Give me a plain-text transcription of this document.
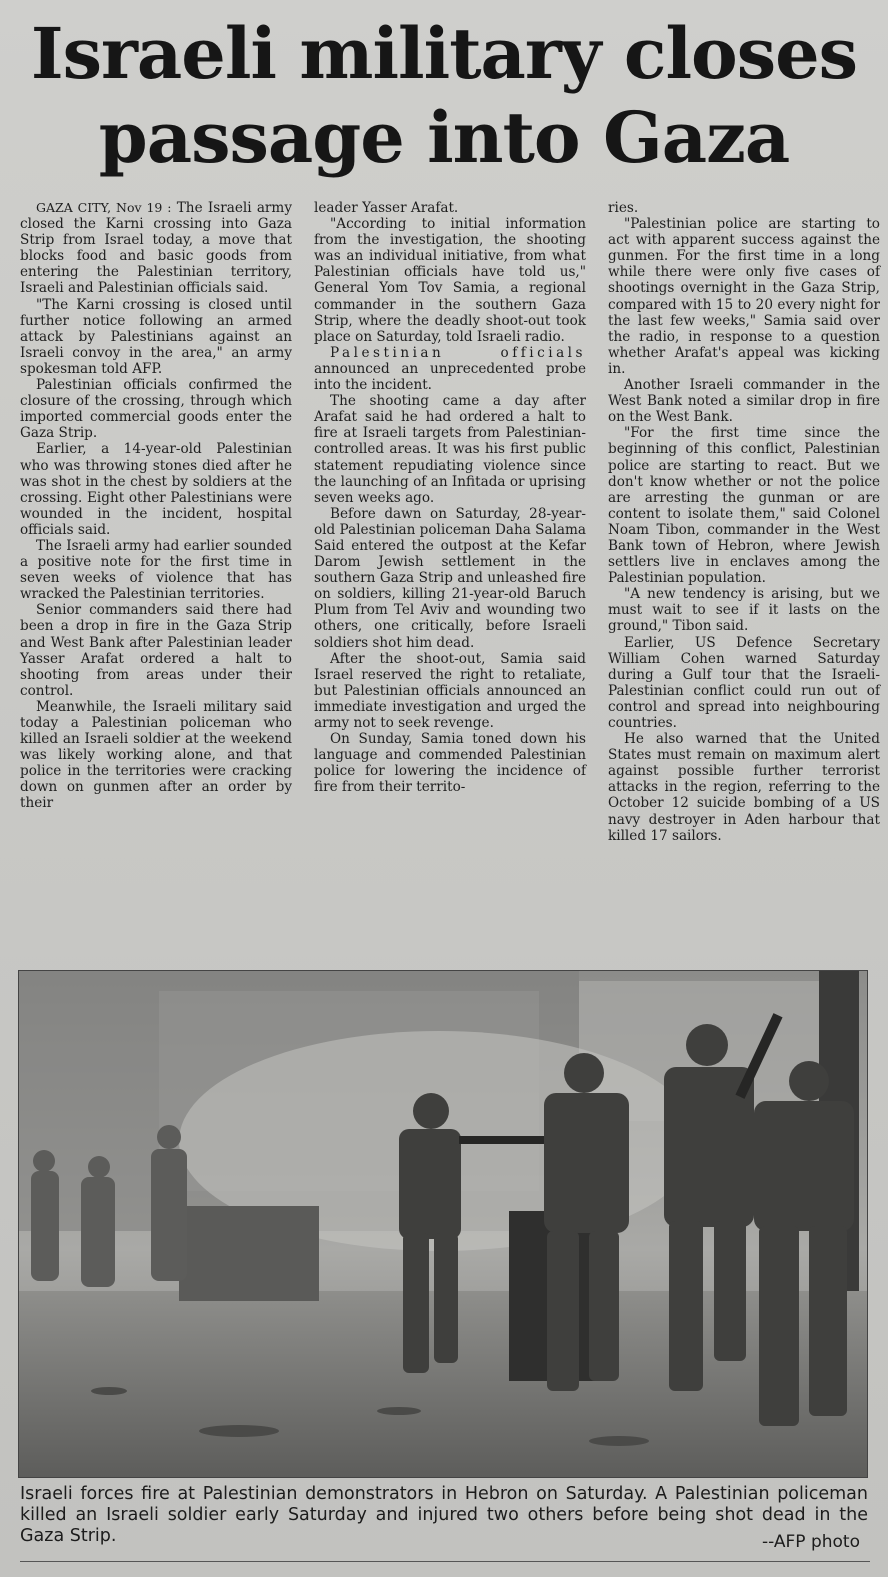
Israeli military closes
passage into Gaza

GAZA CITY, Nov 19 : The Israeli army closed the Karni crossing into Gaza Strip from Israel today, a move that blocks food and basic goods from entering the Palestinian territory, Israeli and Palestinian officials said.

"The Karni crossing is closed until further notice following an armed attack by Palestinians against an Israeli convoy in the area," an army spokesman told AFP.

Palestinian officials confirmed the closure of the crossing, through which imported commercial goods enter the Gaza Strip.

Earlier, a 14-year-old Palestinian who was throwing stones died after he was shot in the chest by soldiers at the crossing. Eight other Palestinians were wounded in the incident, hospital officials said.

The Israeli army had earlier sounded a positive note for the first time in seven weeks of violence that has wracked the Palestinian territories.

Senior commanders said there had been a drop in fire in the Gaza Strip and West Bank after Palestinian leader Yasser Arafat ordered a halt to shooting from areas under their control.

Meanwhile, the Israeli military said today a Palestinian policeman who killed an Israeli soldier at the weekend was likely working alone, and that police in the territories were cracking down on gunmen after an order by their

leader Yasser Arafat.

"According to initial information from the investigation, the shooting was an individual initiative, from what Palestinian officials have told us," General Yom Tov Samia, a regional commander in the southern Gaza Strip, where the deadly shoot-out took place on Saturday, told Israeli radio.

Palestinian officials announced an unprecedented probe into the incident.

The shooting came a day after Arafat said he had ordered a halt to fire at Israeli targets from Palestinian-controlled areas. It was his first public statement repudiating violence since the launching of an Infitada or uprising seven weeks ago.

Before dawn on Saturday, 28-year-old Palestinian policeman Daha Salama Said entered the outpost at the Kefar Darom Jewish settlement in the southern Gaza Strip and unleashed fire on soldiers, killing 21-year-old Baruch Plum from Tel Aviv and wounding two others, one critically, before Israeli soldiers shot him dead.

After the shoot-out, Samia said Israel reserved the right to retaliate, but Palestinian officials announced an immediate investigation and urged the army not to seek revenge.

On Sunday, Samia toned down his language and commended Palestinian police for lowering the incidence of fire from their territo-

ries.

"Palestinian police are starting to act with apparent success against the gunmen. For the first time in a long while there were only five cases of shootings overnight in the Gaza Strip, compared with 15 to 20 every night for the last few weeks," Samia said over the radio, in response to a question whether Arafat's appeal was kicking in.

Another Israeli commander in the West Bank noted a similar drop in fire on the West Bank.

"For the first time since the beginning of this conflict, Palestinian police are starting to react. But we don't know whether or not the police are arresting the gunman or are content to isolate them," said Colonel Noam Tibon, commander in the West Bank town of Hebron, where Jewish settlers live in enclaves among the Palestinian population.

"A new tendency is arising, but we must wait to see if it lasts on the ground," Tibon said.

Earlier, US Defence Secretary William Cohen warned Saturday during a Gulf tour that the Israeli-Palestinian conflict could run out of control and spread into neighbouring countries.

He also warned that the United States must remain on maximum alert against possible further terrorist attacks in the region, referring to the October 12 suicide bombing of a US navy destroyer in Aden harbour that killed 17 sailors.

Israeli forces fire at Palestinian demonstrators in Hebron on Saturday. A Palestinian policeman killed an Israeli soldier early Saturday and injured two others before being shot dead in the Gaza Strip.	--AFP photo
